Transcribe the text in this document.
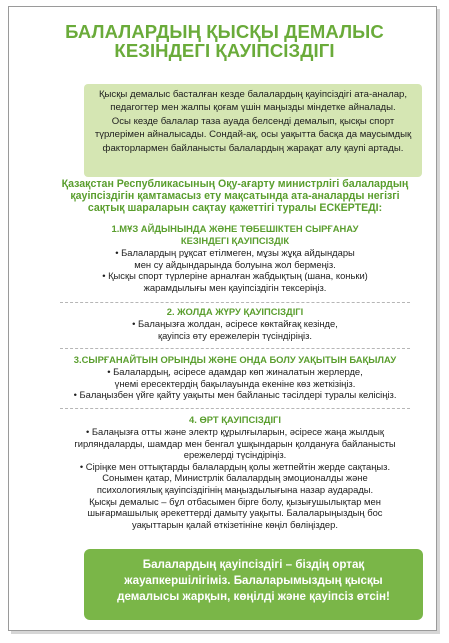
БАЛАЛАРДЫҢ ҚЫСҚЫ ДЕМАЛЫС
КЕЗІНДЕГІ ҚАУІПСІЗДІГІ

Қысқы демалыс басталған кезде балалардың қауіпсіздігі ата-аналар,

педагогтер мен жалпы қоғам үшін маңызды міндетке айналады.

Осы кезде балалар таза ауада белсенді демалып, қысқы спорт

түрлерімен айналысады. Сондай-ақ, осы уақытта басқа да маусымдық

факторлармен байланысты балалардың жарақат алу қаупі артады.

Қазақстан Республикасының Оқу-ағарту министрлігі балалардың
қауіпсіздігін қамтамасыз ету мақсатында ата-аналарды негізгі
сақтық шараларын сақтау қажеттігі туралы ЕСКЕРТЕДІ:
1.МҰЗ АЙДЫНЫНДА ЖӘНЕ ТӨБЕШІКТЕН СЫРҒАНАУ
КЕЗІНДЕГІ ҚАУІПСІЗДІК

• Балалардың рұқсат етілмеген, мұзы жұқа айдындары

мен су айдындарында болуына жол бермеңіз.

• Қысқы спорт түрлеріне арналған жабдықтың (шана, коньки)

жарамдылығы мен қауіпсіздігін тексеріңіз.

2. ЖОЛДА ЖҮРУ ҚАУІПСІЗДІГІ

• Балаңызға жолдан, әсіресе көктайғақ кезінде,

қауіпсіз өту ережелерін түсіндіріңіз.

3.СЫРҒАНАЙТЫН ОРЫНДЫ ЖӘНЕ ОНДА БОЛУ УАҚЫТЫН БАҚЫЛАУ

• Балалардың, әсіресе адамдар көп жиналатын жерлерде,

үнемі ересектердің бақылауында екеніне көз жеткізіңіз.

• Балаңызбен үйге қайту уақыты мен байланыс тәсілдері туралы келісіңіз.

4. ӨРТ ҚАУІПСІЗДІГІ

• Балаңызға отты және электр құрылғыларын, әсіресе жаңа жылдық

гирляндаларды, шамдар мен бенгал ұшқындарын қолдануға байланысты

ережелерді түсіндіріңіз.

• Сіріңке мен оттықтарды балалардың қолы жетпейтін жерде сақтаңыз.

Сонымен қатар, Министрлік балалардың эмоционалды және

психологиялық қауіпсіздігінің маңыздылығына назар аударады.

Қысқы демалыс – бұл отбасымен бірге болу, қызығушылықтар мен

шығармашылық әрекеттерді дамыту уақыты. Балаларыңыздың бос

уақыттарын қалай өткізетініне көңіл бөліңіздер.

Балалардың қауіпсіздігі – біздің ортақ
жауапкершілігіміз. Балаларымыздың қысқы
демалысы жарқын, көңілді және қауіпсіз өтсін!
